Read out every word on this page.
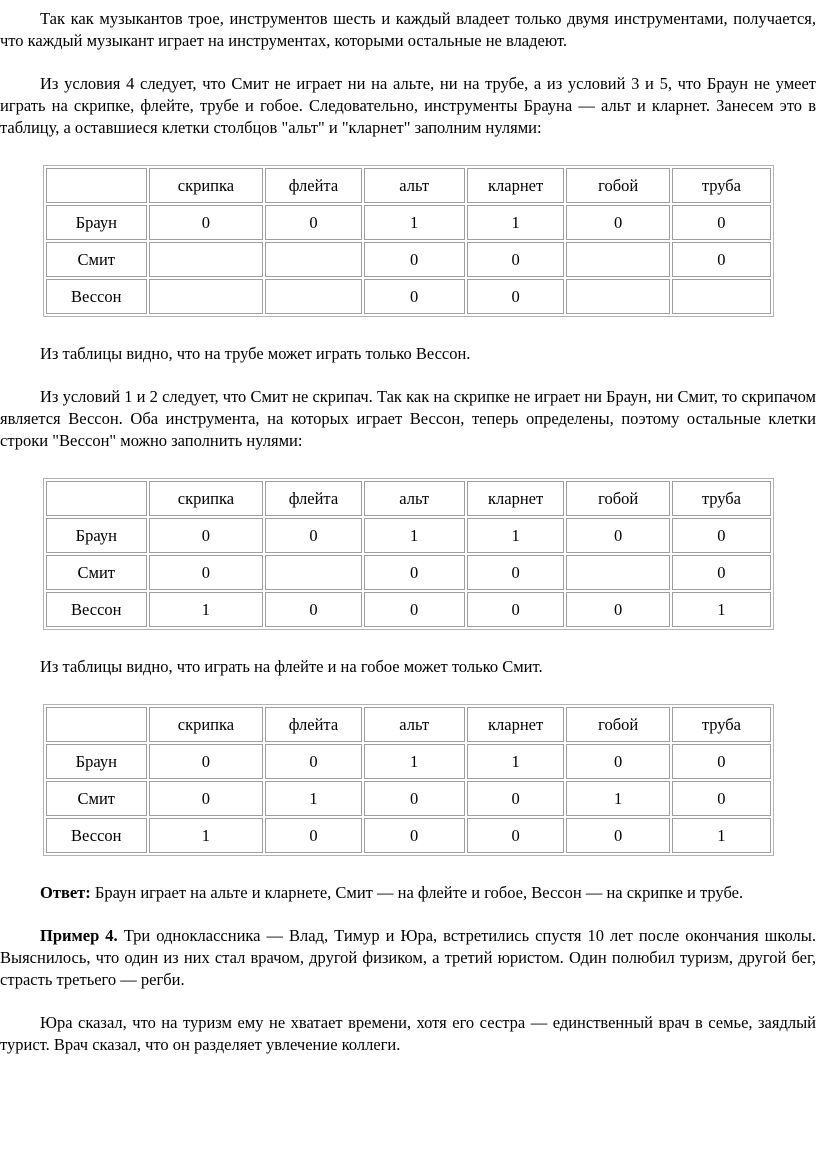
Так как музыкантов трое, инструментов шесть и каждый владеет только двумя инструментами, получается, что каждый музыкант играет на инструментах, которыми остальные не владеют.

Из условия 4 следует, что Смит не играет ни на альте, ни на трубе, а из условий 3 и 5, что Браун не умеет играть на скрипке, флейте, трубе и гобое. Следовательно, инструменты Брауна — альт и кларнет. Занесем это в таблицу, а оставшиеся клетки столбцов "альт" и "кларнет" заполним нулями:

	скрипка	флейта	альт	кларнет	гобой	труба
Браун	0	0	1	1	0	0
Смит			0	0		0
Вессон			0	0		

Из таблицы видно, что на трубе может играть только Вессон.

Из условий 1 и 2 следует, что Смит не скрипач. Так как на скрипке не играет ни Браун, ни Смит, то скрипачом является Вессон. Оба инструмента, на которых играет Вессон, теперь определены, поэтому остальные клетки строки "Вессон" можно заполнить нулями:

	скрипка	флейта	альт	кларнет	гобой	труба
Браун	0	0	1	1	0	0
Смит	0		0	0		0
Вессон	1	0	0	0	0	1

Из таблицы видно, что играть на флейте и на гобое может только Смит.

	скрипка	флейта	альт	кларнет	гобой	труба
Браун	0	0	1	1	0	0
Смит	0	1	0	0	1	0
Вессон	1	0	0	0	0	1

Ответ: Браун играет на альте и кларнете, Смит — на флейте и гобое, Вессон — на скрипке и трубе.

Пример 4. Три одноклассника — Влад, Тимур и Юра, встретились спустя 10 лет после окончания школы. Выяснилось, что один из них стал врачом, другой физиком, а третий юристом. Один полюбил туризм, другой бег, страсть третьего — регби.

Юра сказал, что на туризм ему не хватает времени, хотя его сестра — единственный врач в семье, заядлый турист. Врач сказал, что он разделяет увлечение коллеги.
